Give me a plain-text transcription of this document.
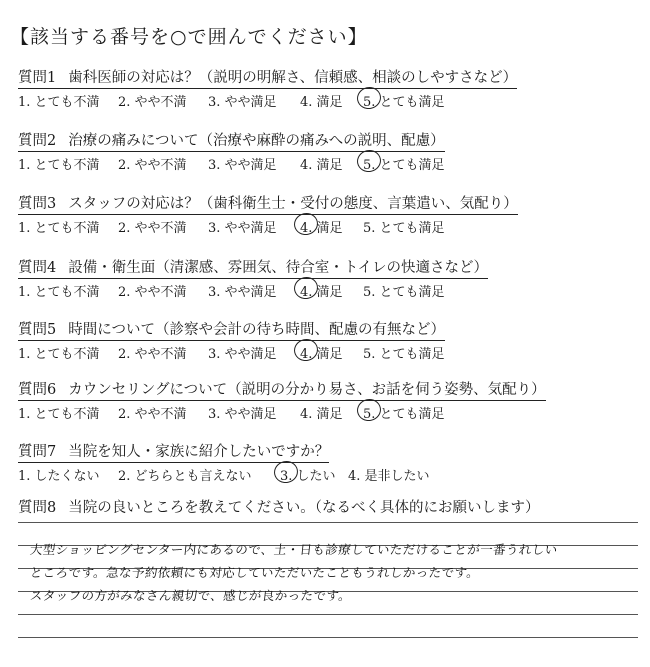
【該当する番号を○で囲んでください】
質問1 歯科医師の対応は？（説明の明解さ、信頼感、相談のしやすさなど）
1. とても不満 2. やや不満 3. やや満足 4. 満足 5. とても満足
質問2 治療の痛みについて（治療や麻酔の痛みへの説明、配慮）
1. とても不満 2. やや不満 3. やや満足 4. 満足 5. とても満足
質問3 スタッフの対応は？（歯科衛生士・受付の態度、言葉遣い、気配り）
1. とても不満 2. やや不満 3. やや満足 4. 満足 5. とても満足
質問4 設備・衛生面（清潔感、雰囲気、待合室・トイレの快適さなど）
1. とても不満 2. やや不満 3. やや満足 4. 満足 5. とても満足
質問5 時間について（診察や会計の待ち時間、配慮の有無など）
1. とても不満 2. やや不満 3. やや満足 4. 満足 5. とても満足
質問6 カウンセリングについて（説明の分かり易さ、お話を伺う姿勢、気配り）
1. とても不満 2. やや不満 3. やや満足 4. 満足 5. とても満足
質問7 当院を知人・家族に紹介したいですか？
1. したくない 2. どちらとも言えない 3. したい 4. 是非したい
質問8 当院の良いところを教えてください。（なるべく具体的にお願いします）
大型ショッピングセンター内にあるので、土・日も診療していただけることが一番うれしい
ところです。急な予約依頼にも対応していただいたこともうれしかったです。
スタッフの方がみなさん親切で、感じが良かったです。
